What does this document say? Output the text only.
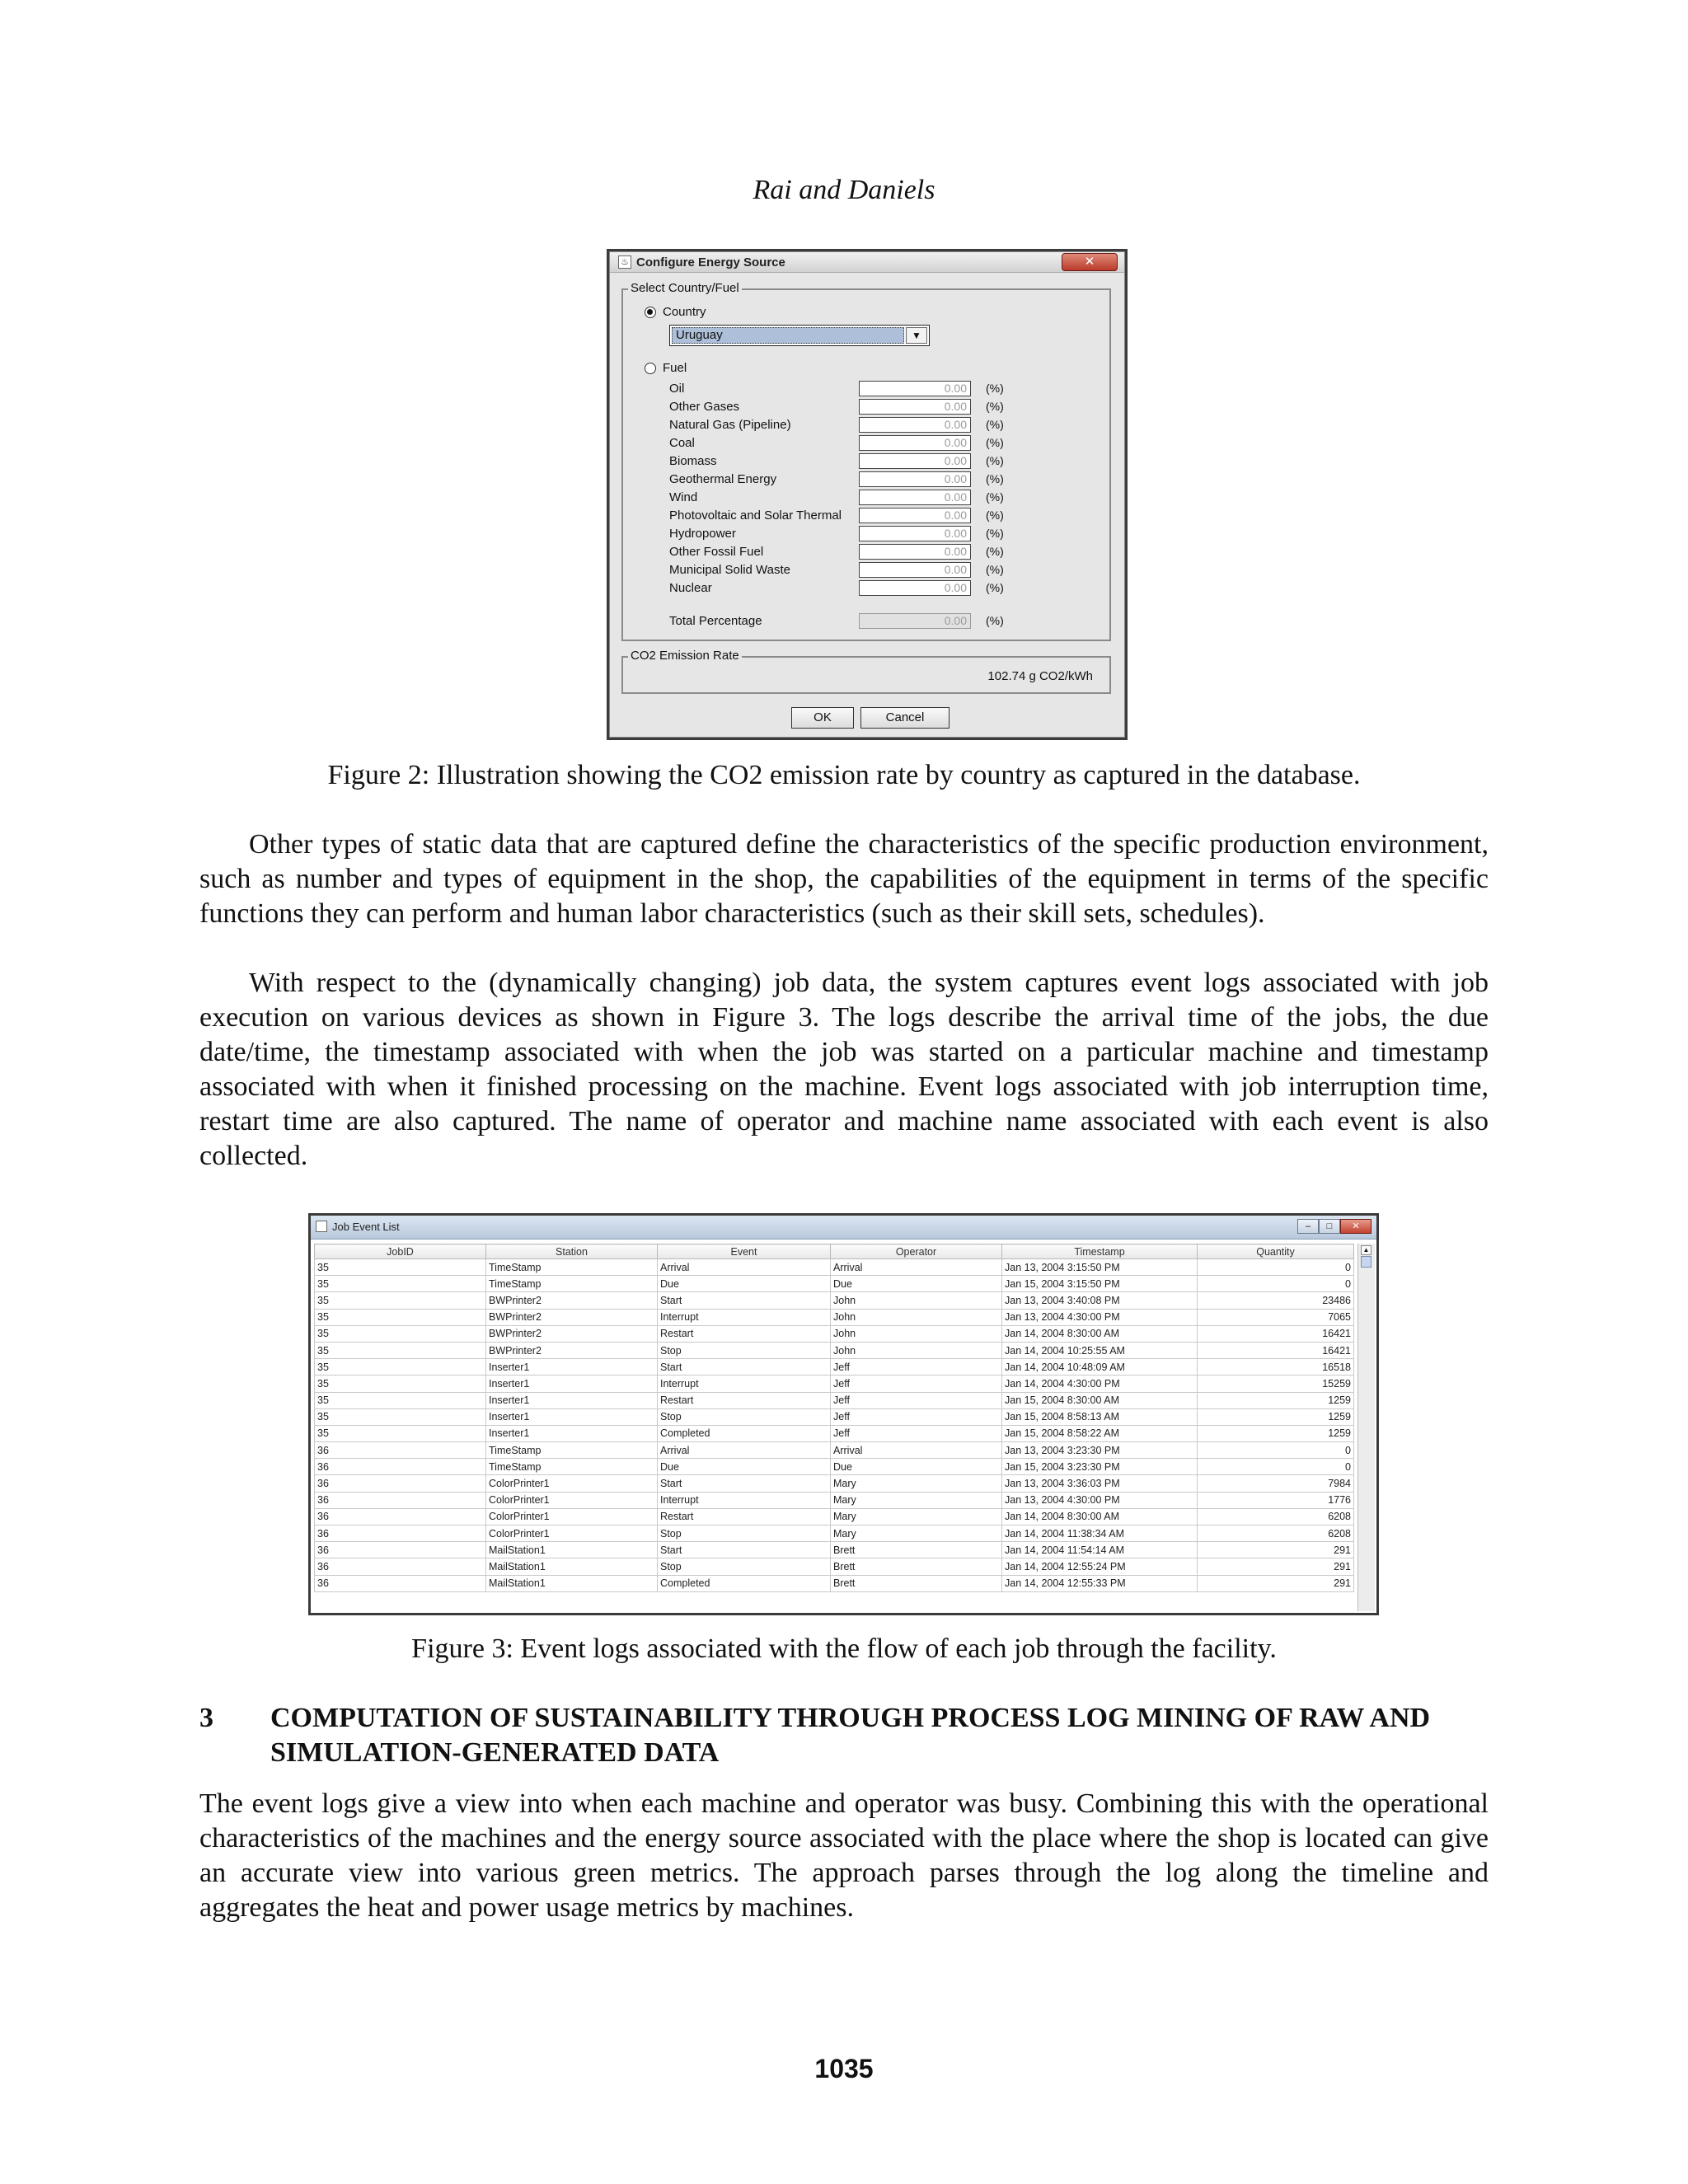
Rai and Daniels
♨ Configure Energy Source	✕
Select Country/Fuel
Country
Uruguay	▼
Fuel
Oil	0.00	(%)
Other Gases	0.00	(%)
Natural Gas (Pipeline)	0.00	(%)
Coal	0.00	(%)
Biomass	0.00	(%)
Geothermal Energy	0.00	(%)
Wind	0.00	(%)
Photovoltaic and Solar Thermal	0.00	(%)
Hydropower	0.00	(%)
Other Fossil Fuel	0.00	(%)
Municipal Solid Waste	0.00	(%)
Nuclear	0.00	(%)
Total Percentage	0.00	(%)
CO2 Emission Rate
102.74 g CO2/kWh
OK	Cancel
Figure 2: Illustration showing the CO2 emission rate by country as captured in the database.

Other types of static data that are captured define the characteristics of the specific production environment, such as number and types of equipment in the shop, the capabilities of the equipment in terms of the specific functions they can perform and human labor characteristics (such as their skill sets, schedules).

With respect to the (dynamically changing) job data, the system captures event logs associated with job execution on various devices as shown in Figure 3. The logs describe the arrival time of the jobs, the due date/time, the timestamp associated with when the job was started on a particular machine and timestamp associated with when it finished processing on the machine. Event logs associated with job interruption time, restart time are also captured. The name of operator and machine name associated with each event is also collected.

Job Event List	–	□	✕
JobID	Station	Event	Operator	Timestamp	Quantity
35	TimeStamp	Arrival	Arrival	Jan 13, 2004 3:15:50 PM	0
35	TimeStamp	Due	Due	Jan 15, 2004 3:15:50 PM	0
35	BWPrinter2	Start	John	Jan 13, 2004 3:40:08 PM	23486
35	BWPrinter2	Interrupt	John	Jan 13, 2004 4:30:00 PM	7065
35	BWPrinter2	Restart	John	Jan 14, 2004 8:30:00 AM	16421
35	BWPrinter2	Stop	John	Jan 14, 2004 10:25:55 AM	16421
35	Inserter1	Start	Jeff	Jan 14, 2004 10:48:09 AM	16518
35	Inserter1	Interrupt	Jeff	Jan 14, 2004 4:30:00 PM	15259
35	Inserter1	Restart	Jeff	Jan 15, 2004 8:30:00 AM	1259
35	Inserter1	Stop	Jeff	Jan 15, 2004 8:58:13 AM	1259
35	Inserter1	Completed	Jeff	Jan 15, 2004 8:58:22 AM	1259
36	TimeStamp	Arrival	Arrival	Jan 13, 2004 3:23:30 PM	0
36	TimeStamp	Due	Due	Jan 15, 2004 3:23:30 PM	0
36	ColorPrinter1	Start	Mary	Jan 13, 2004 3:36:03 PM	7984
36	ColorPrinter1	Interrupt	Mary	Jan 13, 2004 4:30:00 PM	1776
36	ColorPrinter1	Restart	Mary	Jan 14, 2004 8:30:00 AM	6208
36	ColorPrinter1	Stop	Mary	Jan 14, 2004 11:38:34 AM	6208
36	MailStation1	Start	Brett	Jan 14, 2004 11:54:14 AM	291
36	MailStation1	Stop	Brett	Jan 14, 2004 12:55:24 PM	291
36	MailStation1	Completed	Brett	Jan 14, 2004 12:55:33 PM	291
▲
Figure 3: Event logs associated with the flow of each job through the facility.
3 COMPUTATION OF SUSTAINABILITY THROUGH PROCESS LOG MINING OF RAW AND SIMULATION-GENERATED DATA

The event logs give a view into when each machine and operator was busy. Combining this with the operational characteristics of the machines and the energy source associated with the place where the shop is located can give an accurate view into various green metrics. The approach parses through the log along the timeline and aggregates the heat and power usage metrics by machines.

1035
